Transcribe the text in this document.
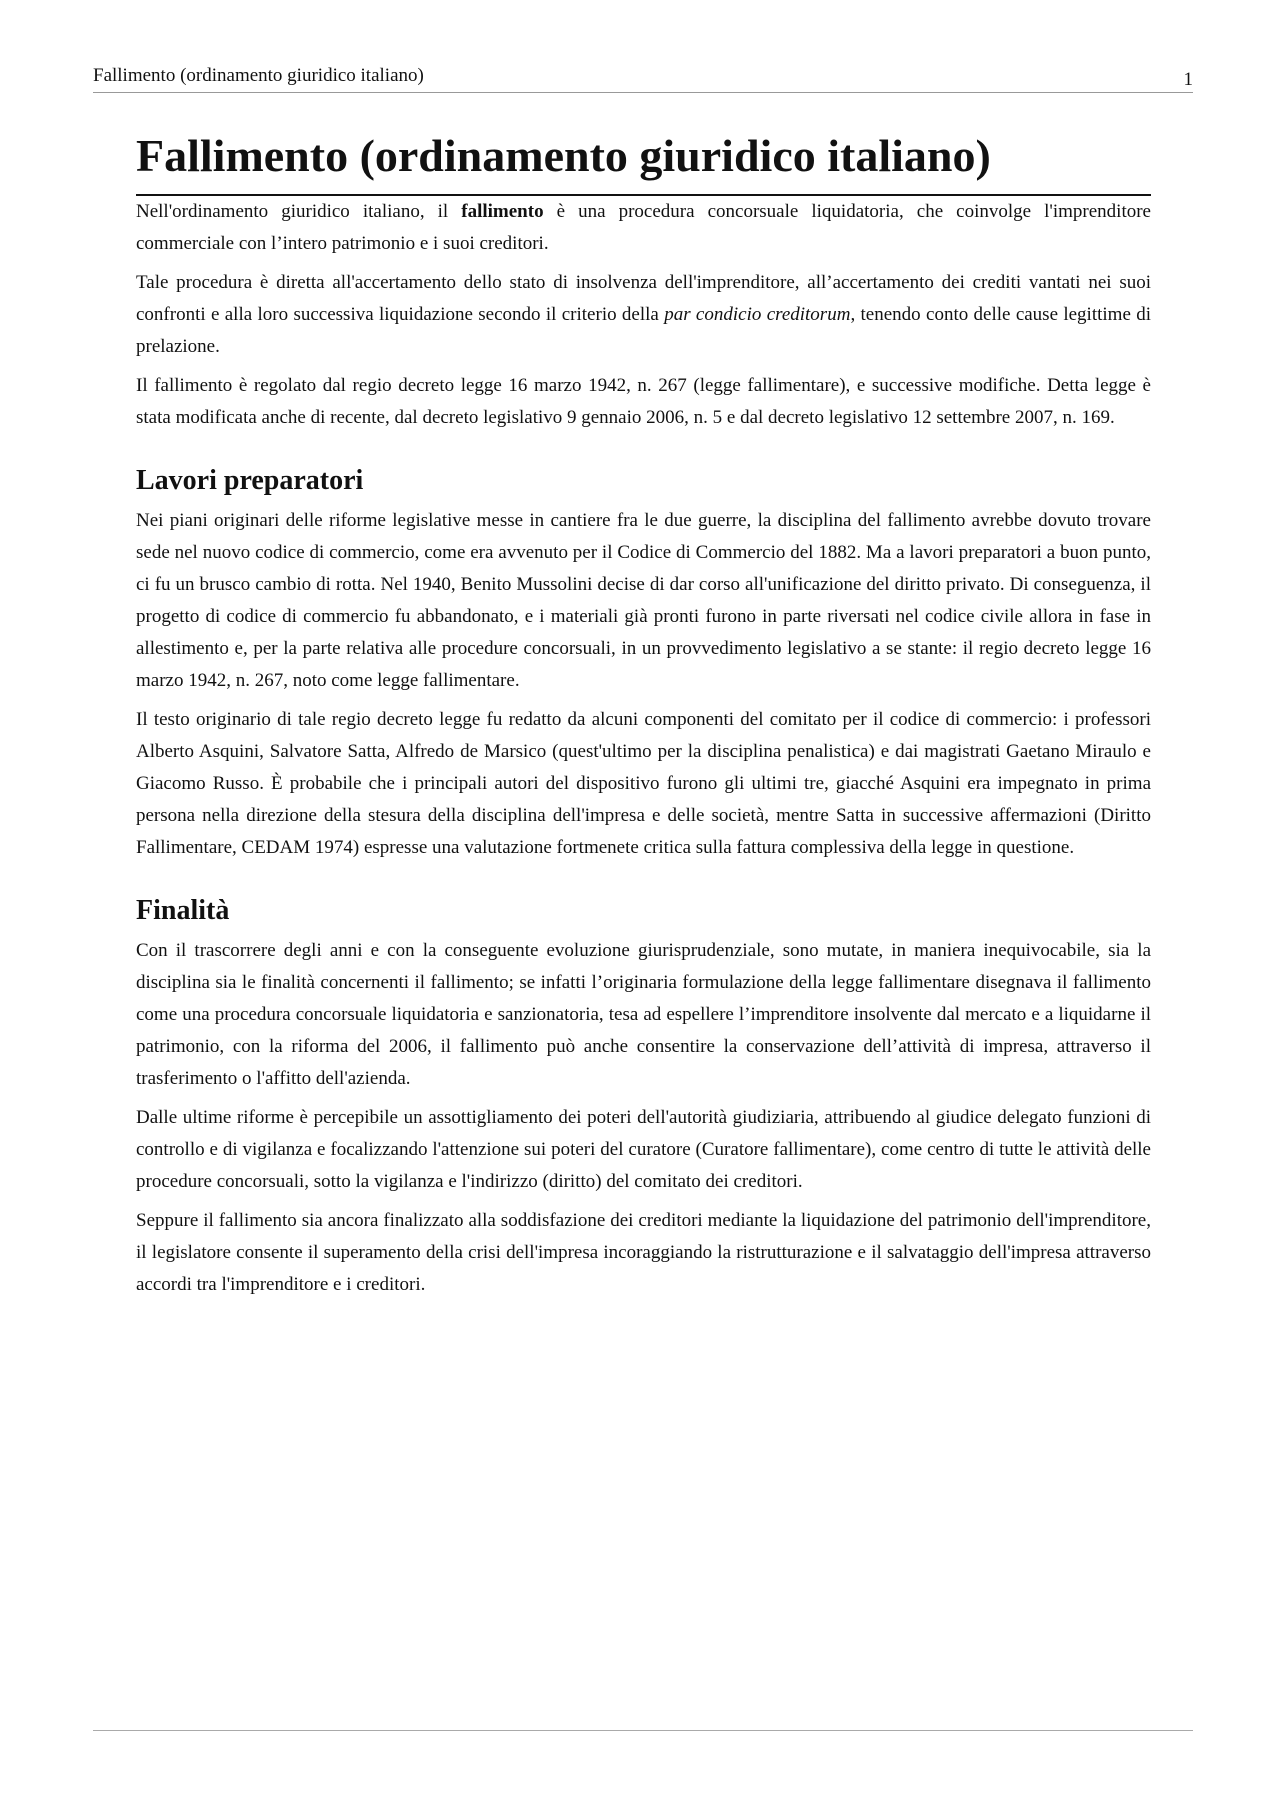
Fallimento (ordinamento giuridico italiano)	1
Fallimento (ordinamento giuridico italiano)

Nell'ordinamento giuridico italiano, il fallimento è una procedura concorsuale liquidatoria, che coinvolge l'imprenditore commerciale con l’intero patrimonio e i suoi creditori.

Tale procedura è diretta all'accertamento dello stato di insolvenza dell'imprenditore, all’accertamento dei crediti vantati nei suoi confronti e alla loro successiva liquidazione secondo il criterio della par condicio creditorum, tenendo conto delle cause legittime di prelazione.

Il fallimento è regolato dal regio decreto legge 16 marzo 1942, n. 267 (legge fallimentare), e successive modifiche. Detta legge è stata modificata anche di recente, dal decreto legislativo 9 gennaio 2006, n. 5 e dal decreto legislativo 12 settembre 2007, n. 169.

Lavori preparatori

Nei piani originari delle riforme legislative messe in cantiere fra le due guerre, la disciplina del fallimento avrebbe dovuto trovare sede nel nuovo codice di commercio, come era avvenuto per il Codice di Commercio del 1882. Ma a lavori preparatori a buon punto, ci fu un brusco cambio di rotta. Nel 1940, Benito Mussolini decise di dar corso all'unificazione del diritto privato. Di conseguenza, il progetto di codice di commercio fu abbandonato, e i materiali già pronti furono in parte riversati nel codice civile allora in fase in allestimento e, per la parte relativa alle procedure concorsuali, in un provvedimento legislativo a se stante: il regio decreto legge 16 marzo 1942, n. 267, noto come legge fallimentare.

Il testo originario di tale regio decreto legge fu redatto da alcuni componenti del comitato per il codice di commercio: i professori Alberto Asquini, Salvatore Satta, Alfredo de Marsico (quest'ultimo per la disciplina penalistica) e dai magistrati Gaetano Miraulo e Giacomo Russo. È probabile che i principali autori del dispositivo furono gli ultimi tre, giacché Asquini era impegnato in prima persona nella direzione della stesura della disciplina dell'impresa e delle società, mentre Satta in successive affermazioni (Diritto Fallimentare, CEDAM 1974) espresse una valutazione fortmenete critica sulla fattura complessiva della legge in questione.

Finalità

Con il trascorrere degli anni e con la conseguente evoluzione giurisprudenziale, sono mutate, in maniera inequivocabile, sia la disciplina sia le finalità concernenti il fallimento; se infatti l’originaria formulazione della legge fallimentare disegnava il fallimento come una procedura concorsuale liquidatoria e sanzionatoria, tesa ad espellere l’imprenditore insolvente dal mercato e a liquidarne il patrimonio, con la riforma del 2006, il fallimento può anche consentire la conservazione dell’attività di impresa, attraverso il trasferimento o l'affitto dell'azienda.

Dalle ultime riforme è percepibile un assottigliamento dei poteri dell'autorità giudiziaria, attribuendo al giudice delegato funzioni di controllo e di vigilanza e focalizzando l'attenzione sui poteri del curatore (Curatore fallimentare), come centro di tutte le attività delle procedure concorsuali, sotto la vigilanza e l'indirizzo (diritto) del comitato dei creditori.

Seppure il fallimento sia ancora finalizzato alla soddisfazione dei creditori mediante la liquidazione del patrimonio dell'imprenditore, il legislatore consente il superamento della crisi dell'impresa incoraggiando la ristrutturazione e il salvataggio dell'impresa attraverso accordi tra l'imprenditore e i creditori.
